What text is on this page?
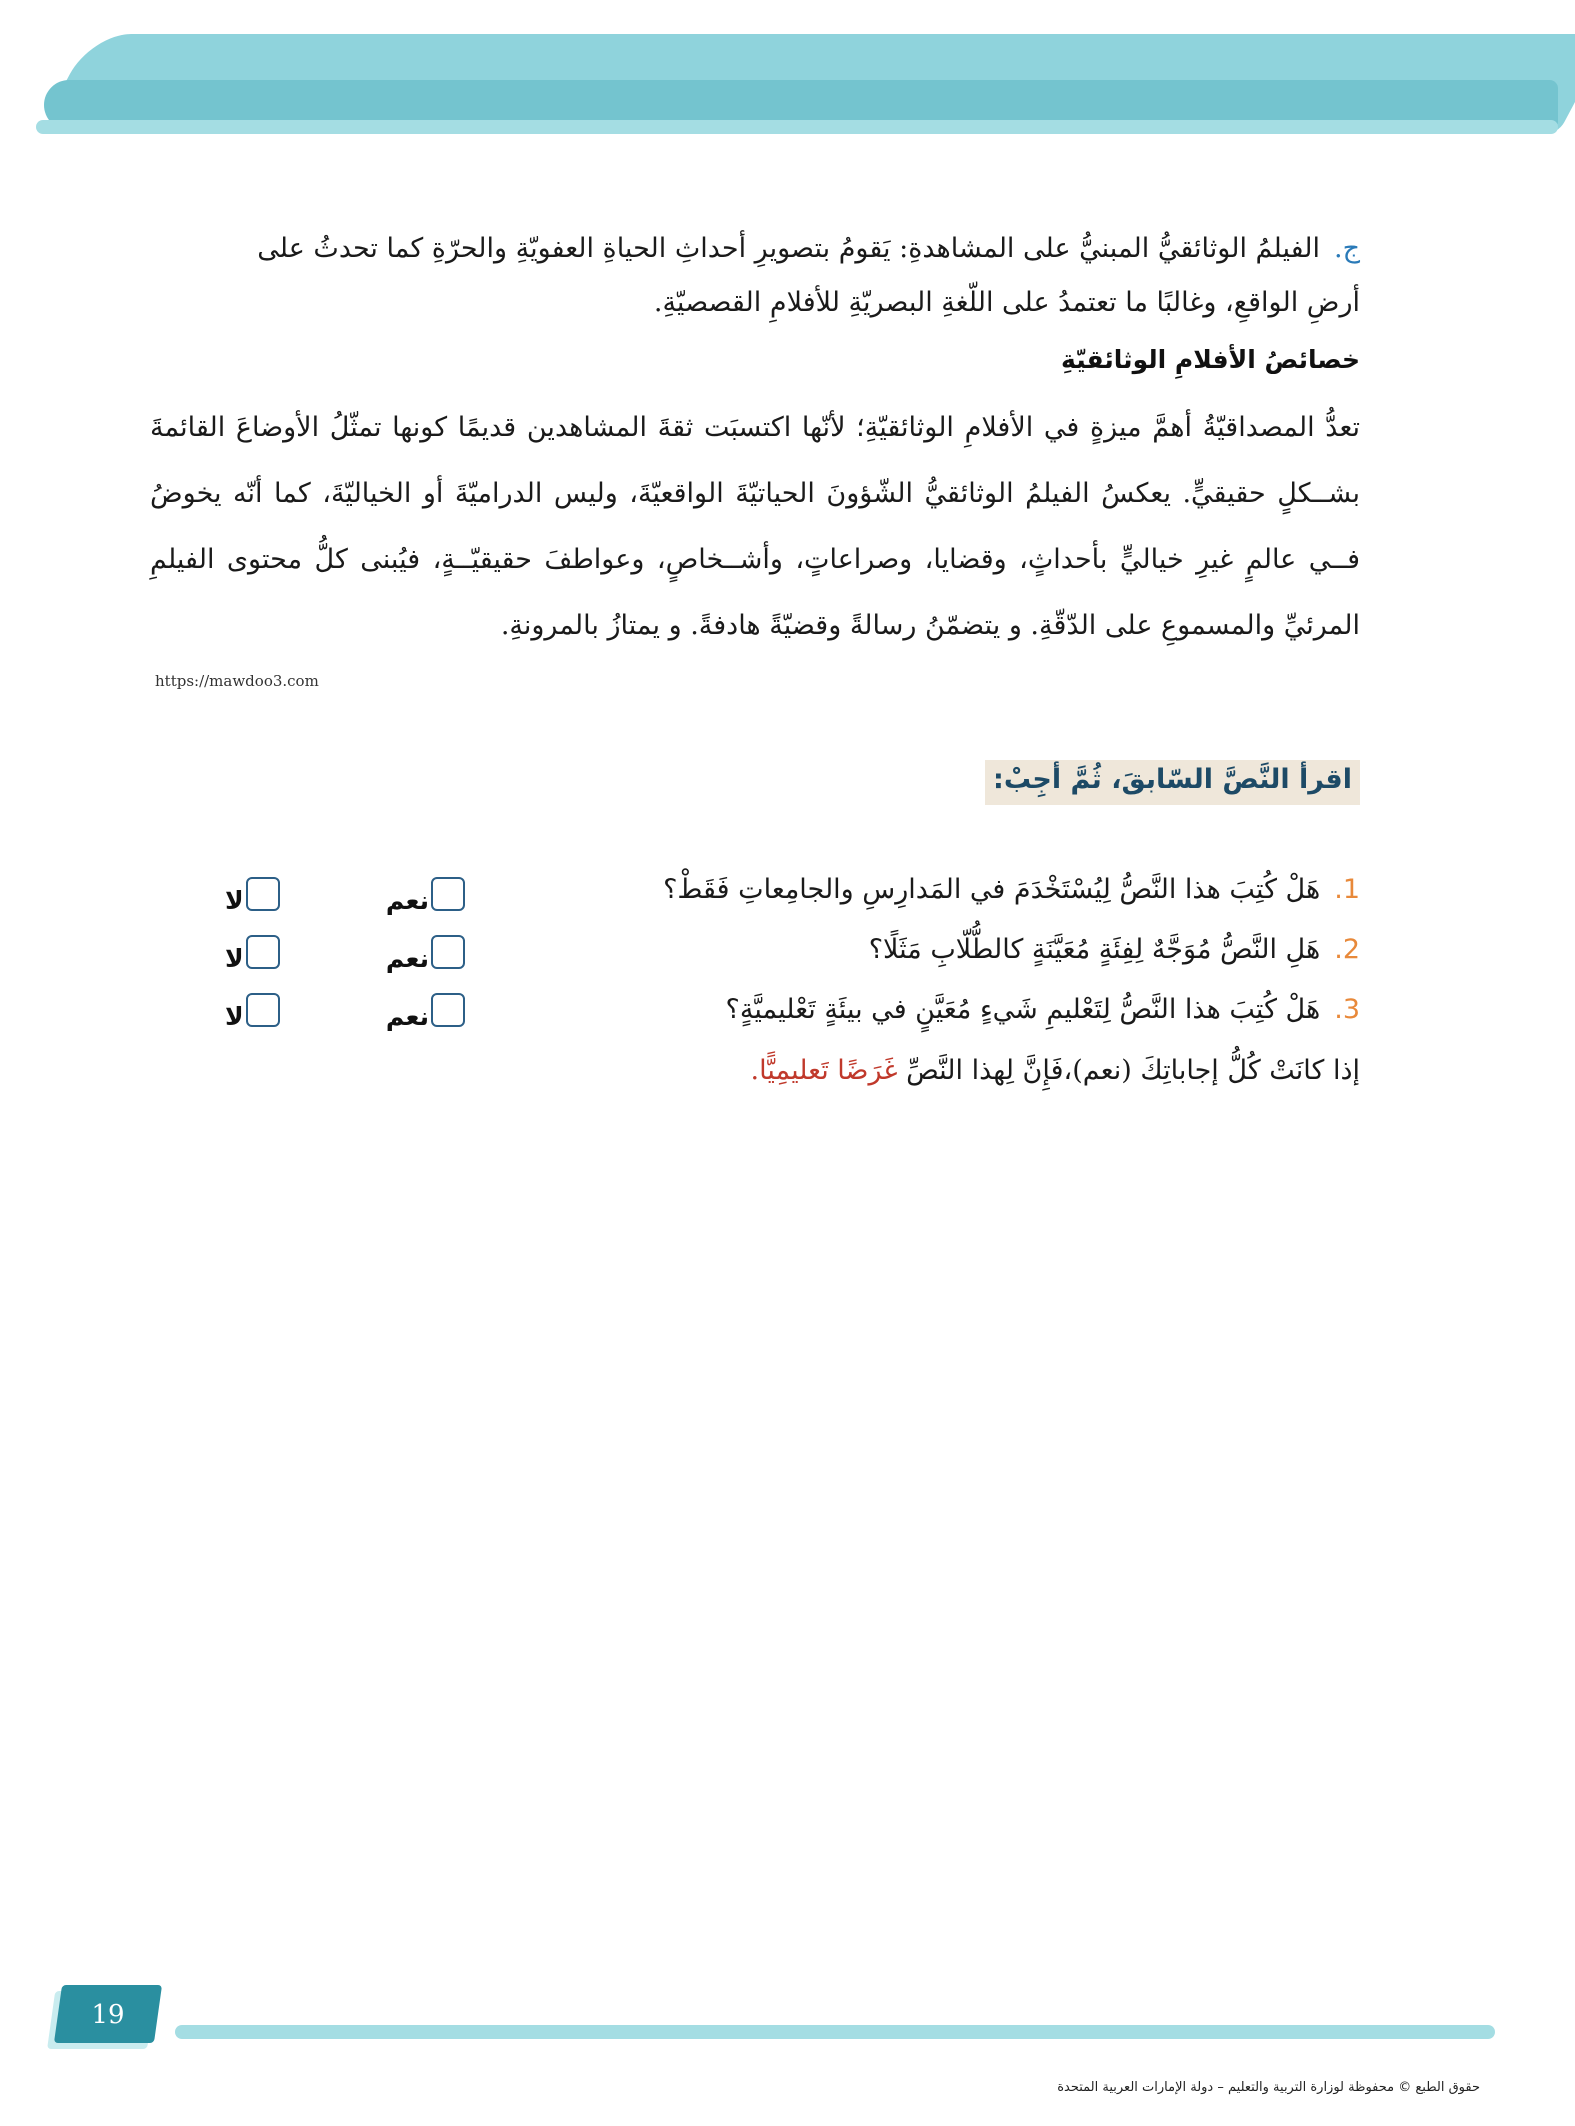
ج.الفيلمُ الوثائقيُّ المبنيُّ على المشاهدةِ: يَقومُ بتصويرِ أحداثِ الحياةِ العفويّةِ والحرّةِ كما تحدثُ على
أرضِ الواقعِ، وغالبًا ما تعتمدُ على اللّغةِ البصريّةِ للأفلامِ القصصيّةِ.
خصائصُ الأفلامِ الوثائقيّةِ
تعدُّ المصداقيّةُ أهمَّ ميزةٍ في الأفلامِ الوثائقيّةِ؛ لأنّها اكتسبَت ثقةَ المشاهدين قديمًا كونها تمثّلُ الأوضاعَ القائمةَ
بشــكلٍ حقيقيٍّ. يعكسُ الفيلمُ الوثائقيُّ الشّؤونَ الحياتيّةَ الواقعيّةَ، وليس الدراميّةَ أو الخياليّةَ، كما أنّه يخوضُ
فــي عالمٍ غيرِ خياليٍّ بأحداثٍ، وقضايا، وصراعاتٍ، وأشــخاصٍ، وعواطفَ حقيقيّــةٍ، فيُبنى كلُّ محتوى الفيلمِ
المرئيِّ والمسموعِ على الدّقّةِ. و يتضمّنُ رسالةً وقضيّةً هادفةً. و يمتازُ بالمرونةِ.
https://mawdoo3.com
اقرأ النَّصَّ السّابقَ، ثُمَّ أجِبْ:
1.هَلْ كُتِبَ هذا النَّصُّ لِيُسْتَخْدَمَ في المَدارِسِ والجامِعاتِ فَقَطْ؟
2.هَلِ النَّصُّ مُوَجَّهٌ لِفِئَةٍ مُعَيَّنَةٍ كالطُّلّابِ مَثَلًا؟
3.هَلْ كُتِبَ هذا النَّصُّ لِتَعْليمِ شَيءٍ مُعَيَّنٍ في بيئَةٍ تَعْليميَّةٍ؟
نعم
لا
نعم
لا
نعم
لا
إذا كانَتْ كُلُّ إجاباتِكَ (نعم)،فَإِنَّ لِهذا النَّصِّ غَرَضًا تَعليمِيًّا.
19
حقوق الطبع © محفوظة لوزارة التربية والتعليم – دولة الإمارات العربية المتحدة
